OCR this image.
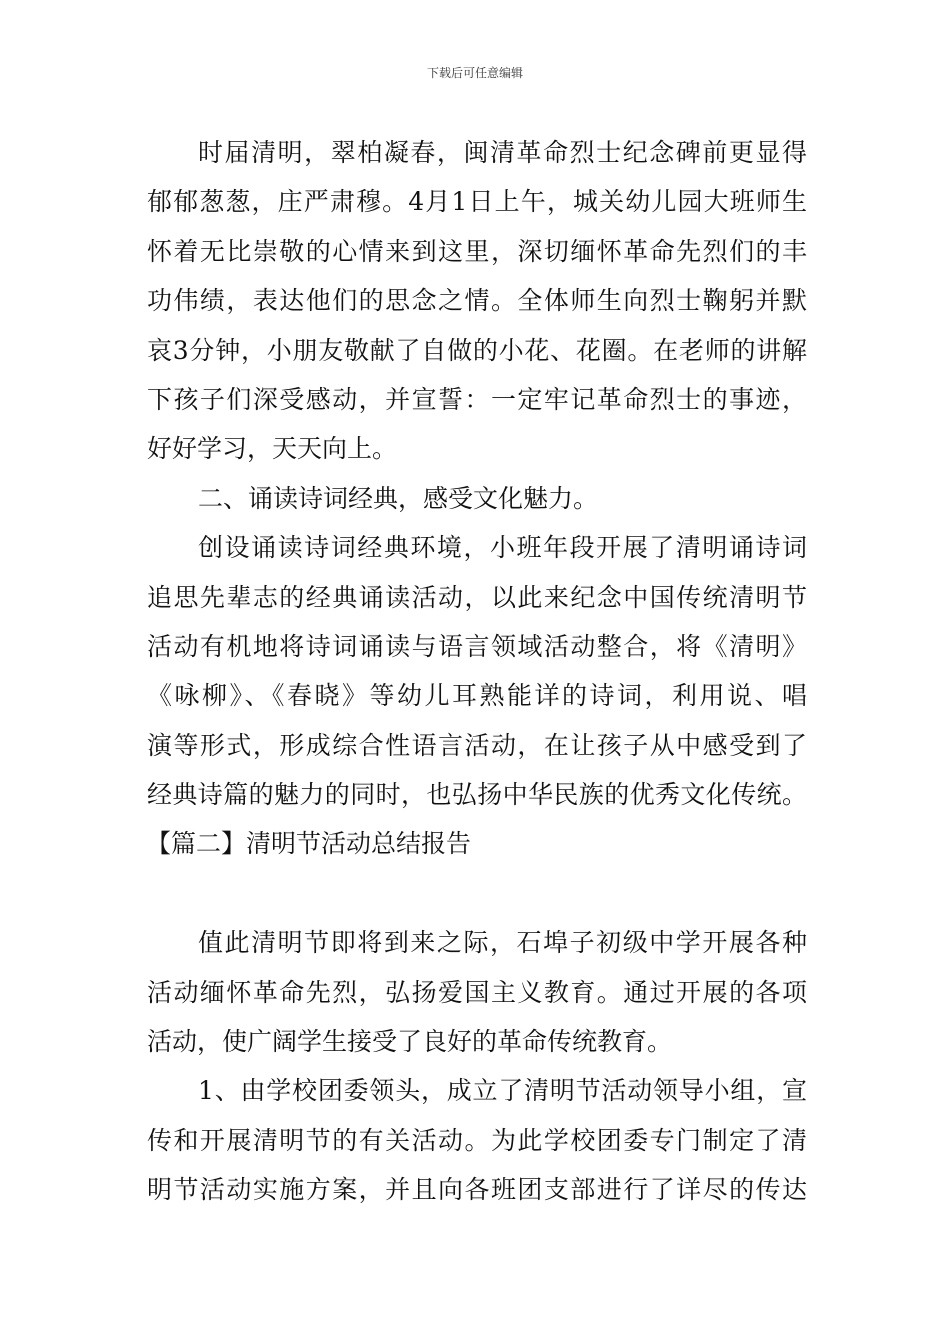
下载后可任意编辑
时届清明，翠柏凝春，闽清革命烈士纪念碑前更显得
郁郁葱葱，庄严肃穆。4月1日上午，城关幼儿园大班师生
怀着无比崇敬的心情来到这里，深切缅怀革命先烈们的丰
功伟绩，表达他们的思念之情。全体师生向烈士鞠躬并默
哀3分钟，小朋友敬献了自做的小花、花圈。在老师的讲解
下孩子们深受感动，并宣誓：一定牢记革命烈士的事迹，
好好学习，天天向上。
二、诵读诗词经典，感受文化魅力。
创设诵读诗词经典环境，小班年段开展了清明诵诗词
追思先辈志的经典诵读活动，以此来纪念中国传统清明节
活动有机地将诗词诵读与语言领域活动整合，将《清明》
《咏柳》、《春晓》等幼儿耳熟能详的诗词，利用说、唱
演等形式，形成综合性语言活动，在让孩子从中感受到了
经典诗篇的魅力的同时，也弘扬中华民族的优秀文化传统。
【篇二】清明节活动总结报告
值此清明节即将到来之际，石埠子初级中学开展各种
活动缅怀革命先烈，弘扬爱国主义教育。通过开展的各项
活动，使广阔学生接受了良好的革命传统教育。
1、由学校团委领头，成立了清明节活动领导小组，宣
传和开展清明节的有关活动。为此学校团委专门制定了清
明节活动实施方案，并且向各班团支部进行了详尽的传达
